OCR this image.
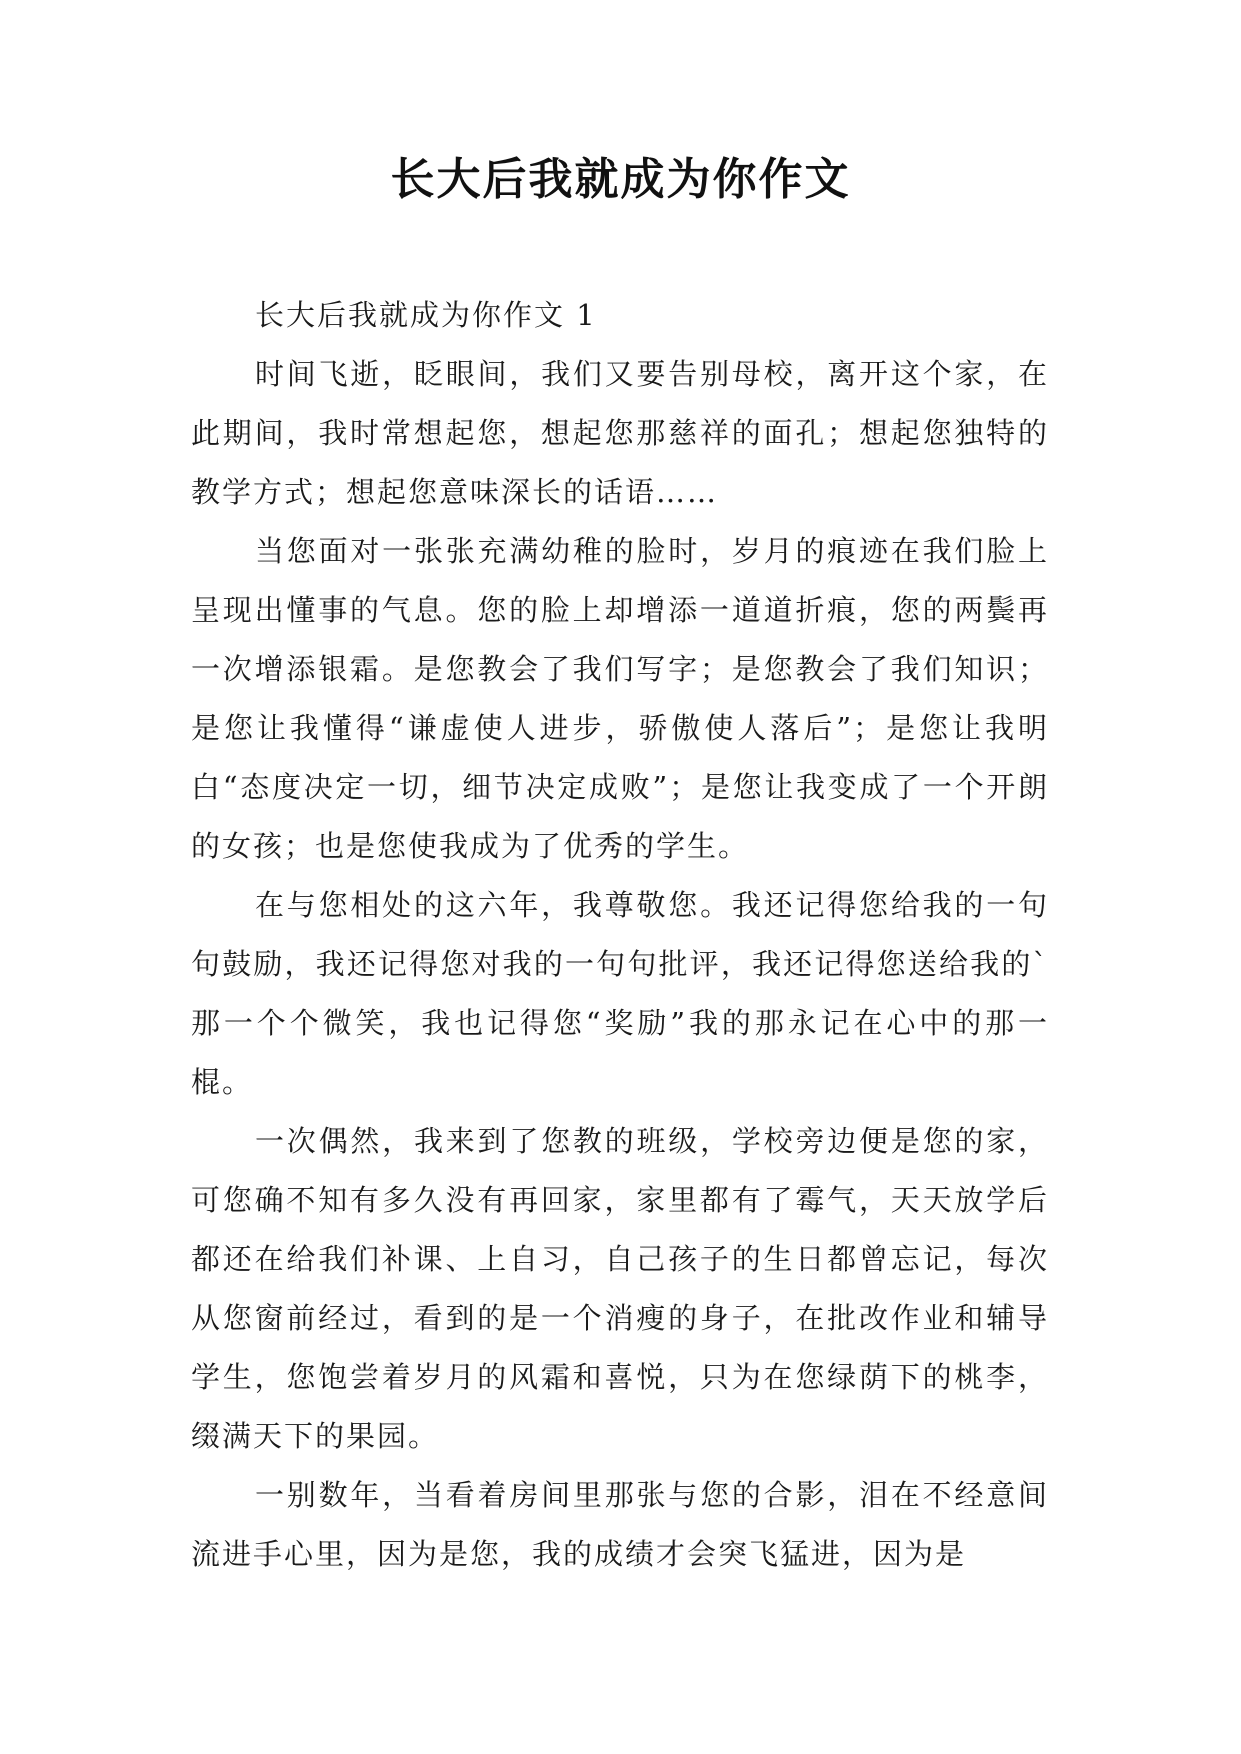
长大后我就成为你作文

长大后我就成为你作文 1

时间飞逝，眨眼间，我们又要告别母校，离开这个家，在此期间，我时常想起您，想起您那慈祥的面孔；想起您独特的教学方式；想起您意味深长的话语……

当您面对一张张充满幼稚的脸时，岁月的痕迹在我们脸上呈现出懂事的气息。您的脸上却增添一道道折痕，您的两鬓再一次增添银霜。是您教会了我们写字；是您教会了我们知识；是您让我懂得“谦虚使人进步，骄傲使人落后”；是您让我明白“态度决定一切，细节决定成败”；是您让我变成了一个开朗的女孩；也是您使我成为了优秀的学生。

在与您相处的这六年，我尊敬您。我还记得您给我的一句句鼓励，我还记得您对我的一句句批评，我还记得您送给我的`那一个个微笑，我也记得您“奖励”我的那永记在心中的那一棍。

一次偶然，我来到了您教的班级，学校旁边便是您的家，可您确不知有多久没有再回家，家里都有了霉气，天天放学后都还在给我们补课、上自习，自己孩子的生日都曾忘记，每次从您窗前经过，看到的是一个消瘦的身子，在批改作业和辅导学生，您饱尝着岁月的风霜和喜悦，只为在您绿荫下的桃李，缀满天下的果园。

一别数年，当看着房间里那张与您的合影，泪在不经意间流进手心里，因为是您，我的成绩才会突飞猛进，因为是
